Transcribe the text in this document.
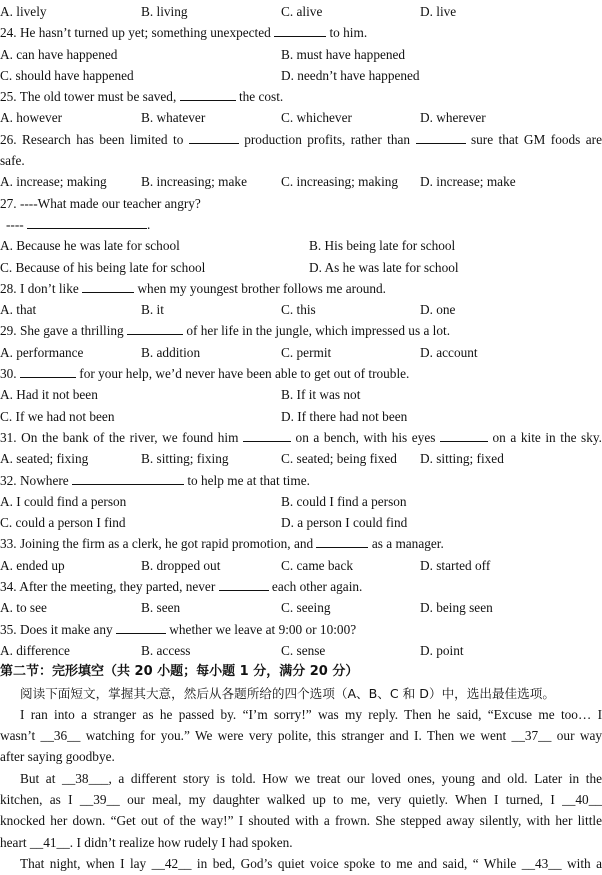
A. lively	B. living	C. alive	D. live
24. He hasn’t turned up yet; something unexpected	to him.
A. can have happened	B. must have happened
C. should have happened	D. needn’t have happened
25. The old tower must be saved,	the cost.
A. however	B. whatever	C. whichever	D. wherever
26. Research has been limited to	production profits, rather than	sure that GM foods are
safe.
A. increase; making	B. increasing; make	C. increasing; making D. increase; make
27. ----What made our teacher angry?
----	.
A. Because he was late for school	B. His being late for school
C. Because of his being late for school	D. As he was late for school
28. I don’t like	when my youngest brother follows me around.
A. that	B. it	C. this	D. one
29. She gave a thrilling	of her life in the jungle, which impressed us a lot.
A. performance	B. addition	C. permit	D. account
30.	for your help, we’d never have been able to get out of trouble.
A. Had it not been	B. If it was not
C. If we had not been	D. If there had not been
31. On the bank of the river, we found him	on a bench, with his eyes	on a kite in the sky.
A. seated; fixing	B. sitting; fixing	C. seated; being fixed D. sitting; fixed
32. Nowhere	to help me at that time.
A. I could find a person	B. could I find a person
C. could a person I find	D. a person I could find
33. Joining the firm as a clerk, he got rapid promotion, and	as a manager.
A. ended up	B. dropped out	C. came back	D. started off
34. After the meeting, they parted, never	each other again.
A. to see	B. seen	C. seeing	D. being seen
35. Does it make any	whether we leave at 9:00 or 10:00?
A. difference	B. access	C. sense	D. point
第二节：完形填空（共 20 小题；每小题 1 分，满分 20 分）
阅读下面短文，掌握其大意，然后从各题所给的四个选项（A、B、C 和 D）中，选出最佳选项。
I ran into a stranger as he passed by. “I’m sorry!” was my reply. Then he said, “Excuse me too… I
wasn’t __36__ watching for you.” We were very polite, this stranger and I. Then we went __37__ our way
after saying goodbye.
But at __38___, a different story is told. How we treat our loved ones, young and old. Later in the
kitchen, as I __39__ our meal, my daughter walked up to me, very quietly. When I turned, I __40__
knocked her down. “Get out of the way!” I shouted with a frown. She stepped away silently, with her little
heart __41__. I didn’t realize how rudely I had spoken.
That night, when I lay __42__ in bed, God’s quiet voice spoke to me and said, “ While __43__ with a
